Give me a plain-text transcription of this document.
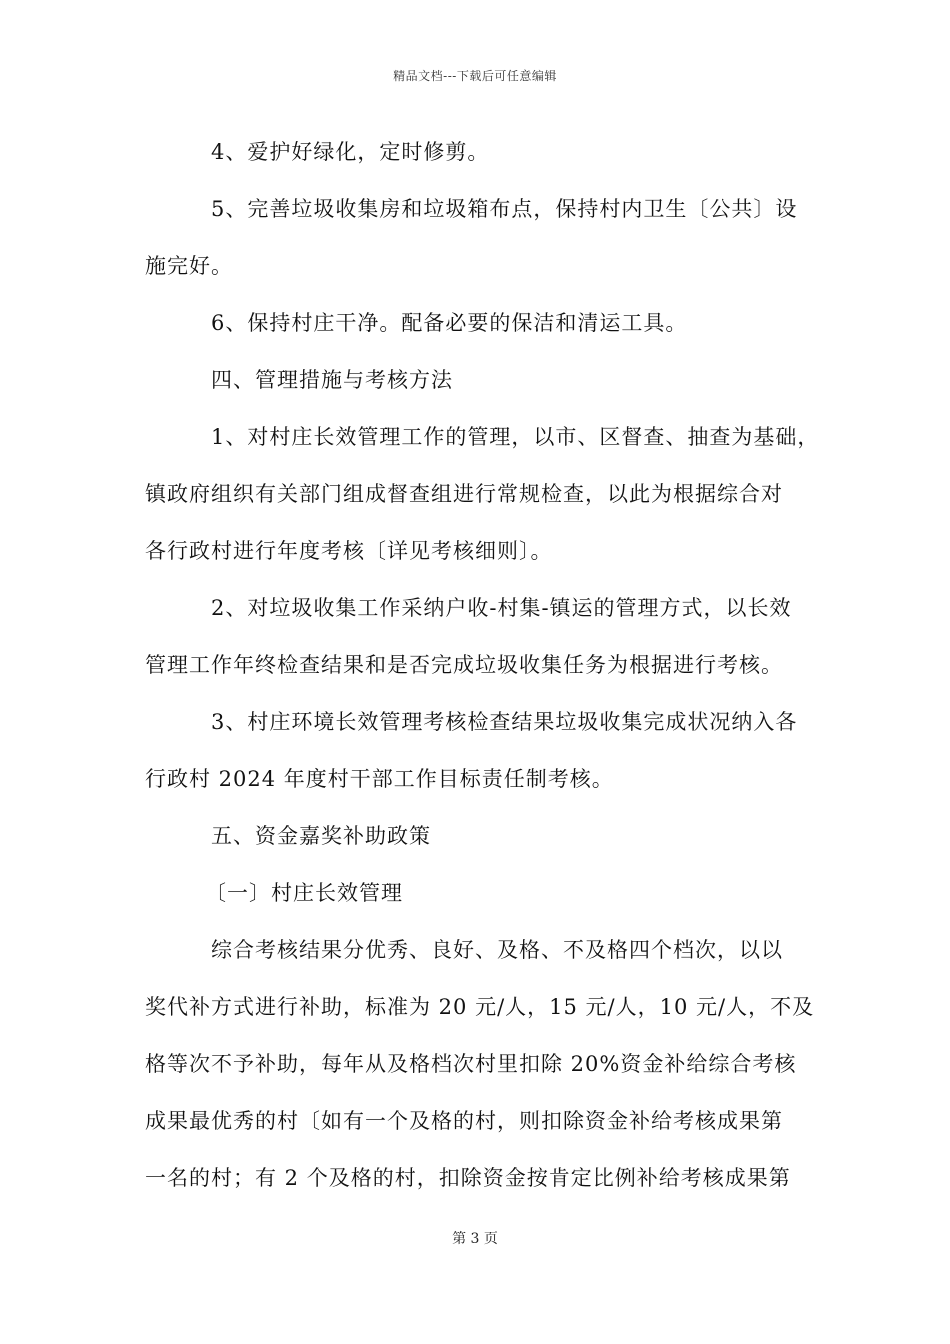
精品文档---下载后可任意编辑
4、爱护好绿化，定时修剪。
5、完善垃圾收集房和垃圾箱布点，保持村内卫生〔公共〕设
施完好。
6、保持村庄干净。配备必要的保洁和清运工具。
四、管理措施与考核方法
1、对村庄长效管理工作的管理，以市、区督查、抽查为基础，
镇政府组织有关部门组成督查组进行常规检查，以此为根据综合对
各行政村进行年度考核〔详见考核细则〕。
2、对垃圾收集工作采纳户收-村集-镇运的管理方式，以长效
管理工作年终检查结果和是否完成垃圾收集任务为根据进行考核。
3、村庄环境长效管理考核检查结果垃圾收集完成状况纳入各
行政村 2024 年度村干部工作目标责任制考核。
五、资金嘉奖补助政策
〔一〕村庄长效管理
综合考核结果分优秀、良好、及格、不及格四个档次，以以
奖代补方式进行补助，标准为 20 元/人，15 元/人，10 元/人，不及
格等次不予补助，每年从及格档次村里扣除 20%资金补给综合考核
成果最优秀的村〔如有一个及格的村，则扣除资金补给考核成果第
一名的村；有 2 个及格的村，扣除资金按肯定比例补给考核成果第
第 3 页
